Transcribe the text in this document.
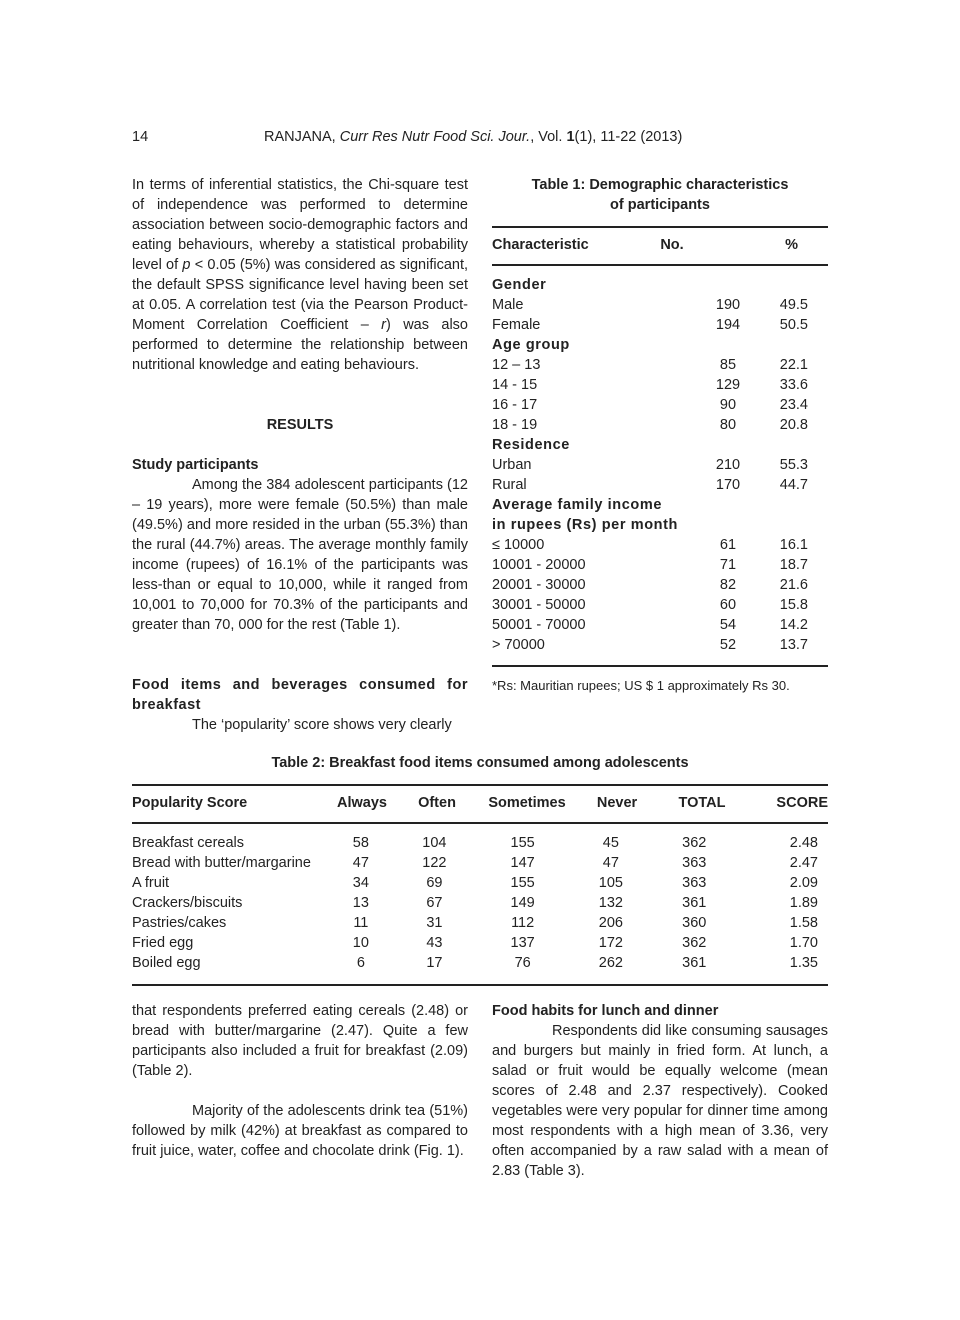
14	RANJANA, Curr Res Nutr Food Sci. Jour., Vol. 1(1), 11-22 (2013)
In terms of inferential statistics, the Chi-square test of independence was performed to determine association between socio-demographic factors and eating behaviours, whereby a statistical probability level of p < 0.05 (5%) was considered as significant, the default SPSS significance level having been set at 0.05. A correlation test (via the Pearson Product-Moment Correlation Coefficient – r) was also performed to determine the relationship between nutritional knowledge and eating behaviours.
RESULTS
Study participants
Among the 384 adolescent participants (12 – 19 years), more were female (50.5%) than male (49.5%) and more resided in the urban (55.3%) than the rural (44.7%) areas. The average monthly family income (rupees) of 16.1% of the participants was less-than or equal to 10,000, while it ranged from 10,001 to 70,000 for 70.3% of the participants and greater than 70, 000 for the rest (Table 1).
Food items and beverages consumed for breakfast
The ‘popularity’ score shows very clearly
Table 1: Demographic characteristics
of participants
Characteristic	No.	%
Gender		
Male	190	49.5
Female	194	50.5
Age group		
12 – 13	85	22.1
14 - 15	129	33.6
16 - 17	90	23.4
18 - 19	80	20.8
Residence		
Urban	210	55.3
Rural	170	44.7
Average family income		
in rupees (Rs) per month		
≤ 10000	61	16.1
10001 - 20000	71	18.7
20001 - 30000	82	21.6
30001 - 50000	60	15.8
50001 - 70000	54	14.2
> 70000	52	13.7
*Rs: Mauritian rupees; US $ 1 approximately Rs 30.
Table 2: Breakfast food items consumed among adolescents
Popularity Score	Always	Often	Sometimes	Never	TOTAL	SCORE
Breakfast cereals	58	104	155	45	362	2.48
Bread with butter/margarine	47	122	147	47	363	2.47
A fruit	34	69	155	105	363	2.09
Crackers/biscuits	13	67	149	132	361	1.89
Pastries/cakes	11	31	112	206	360	1.58
Fried egg	10	43	137	172	362	1.70
Boiled egg	6	17	76	262	361	1.35
that respondents preferred eating cereals (2.48) or bread with butter/margarine (2.47). Quite a few participants also included a fruit for breakfast (2.09) (Table 2).
Majority of the adolescents drink tea (51%) followed by milk (42%) at breakfast as compared to fruit juice, water, coffee and chocolate drink (Fig. 1).
Food habits for lunch and dinner
Respondents did like consuming sausages and burgers but mainly in fried form. At lunch, a salad or fruit would be equally welcome (mean scores of 2.48 and 2.37 respectively). Cooked vegetables were very popular for dinner time among most respondents with a high mean of 3.36, very often accompanied by a raw salad with a mean of 2.83 (Table 3).
